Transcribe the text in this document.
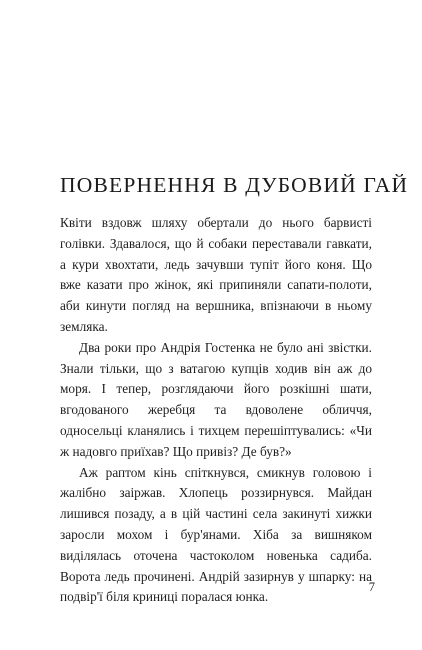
ПОВЕРНЕННЯ В ДУБОВИЙ ГАЙ

Квіти вздовж шляху обертали до нього барвисті голівки. Здавалося, що й собаки переставали гавкати, а кури хвохтати, ледь зачувши тупіт його коня. Що вже казати про жінок, які припиняли сапати-полоти, аби кинути погляд на вершника, впізнаючи в ньому земляка.

Два роки про Андрія Гостенка не було ані звістки. Знали тільки, що з ватагою купців ходив він аж до моря. І тепер, розглядаючи його розкішні шати, вгодованого жеребця та вдоволене обличчя, односельці кланялись і тихцем перешіптувались: «Чи ж надовго приїхав? Що привіз? Де був?»

Аж раптом кінь спіткнувся, смикнув головою і жалібно заіржав. Хлопець роззирнувся. Майдан лишився позаду, а в цій частині села закинуті хижки заросли мохом і бур'янами. Хіба за вишняком виділялась оточена частоколом новенька садиба. Ворота ледь прочинені. Андрій зазирнув у шпарку: на подвір'ї біля криниці поралася юнка.

7
